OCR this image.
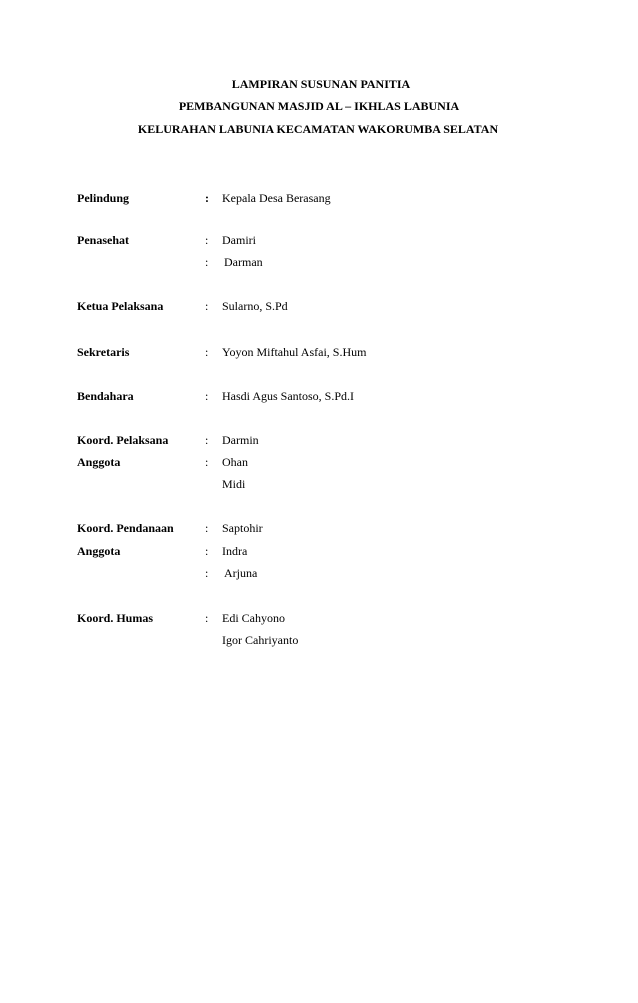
LAMPIRAN SUSUNAN PANITIA
PEMBANGUNAN MASJID AL – IKHLAS LABUNIA
KELURAHAN LABUNIA KECAMATAN WAKORUMBA SELATAN
Pelindung	: Kepala Desa Berasang
Penasehat	: Damiri
: Darman
Ketua Pelaksana	: Sularno, S.Pd
Sekretaris	: Yoyon Miftahul Asfai, S.Hum
Bendahara	: Hasdi Agus Santoso, S.Pd.I
Koord. Pelaksana	: Darmin
Anggota	: Ohan
Midi
Koord. Pendanaan	: Saptohir
Anggota	: Indra
: Arjuna
Koord. Humas	: Edi Cahyono
Igor Cahriyanto
